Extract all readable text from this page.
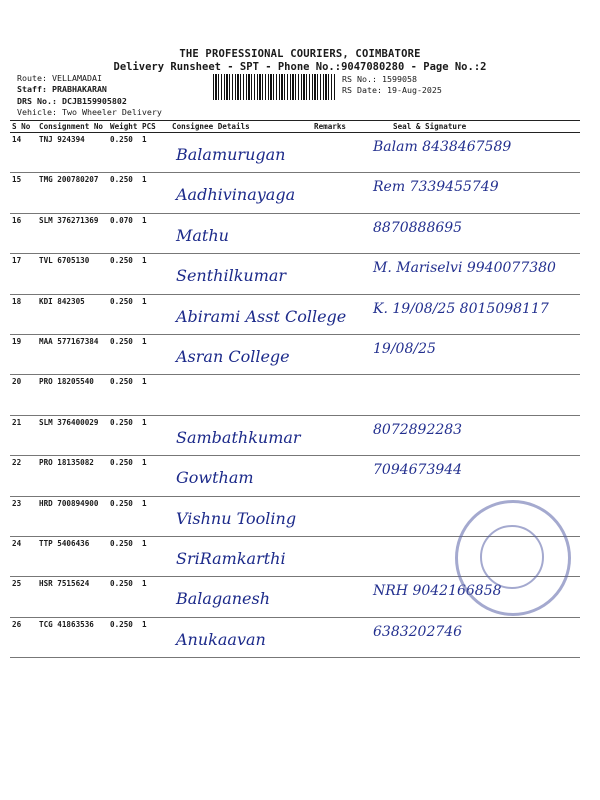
THE PROFESSIONAL COURIERS, COIMBATORE
Delivery Runsheet - SPT - Phone No.:9047080280 - Page No.:2
Route: VELLAMADAI
Staff: PRABHAKARAN
DRS No.: DCJB159905802
Vehicle: Two Wheeler Delivery
RS No.: 1599058
RS Date: 19-Aug-2025
S No	Consignment No	Weight	PCS	Consignee Details	Remarks	Seal & Signature
14	TNJ 924394	0.250	1	Balamurugan		Balam 8438467589

15	TMG 200780207	0.250	1	Aadhivinayaga		Rem 7339455749

16	SLM 376271369	0.070	1	Mathu		8870888695

17	TVL 6705130	0.250	1	Senthilkumar		M. Mariselvi 9940077380

18	KDI 842305	0.250	1	Abirami Asst College		K. 19/08/25 8015098117

19	MAA 577167384	0.250	1	Asran College		19/08/25

20	PRO 18205540	0.250	1	

21	SLM 376400029	0.250	1	Sambathkumar		8072892283

22	PRO 18135082	0.250	1	Gowtham		7094673944

23	HRD 700894900	0.250	1	Vishnu Tooling		

24	TTP 5406436	0.250	1	SriRamkarthi		

25	HSR 7515624	0.250	1	Balaganesh		NRH 9042166858

26	TCG 41863536	0.250	1	Anukaavan		6383202746
